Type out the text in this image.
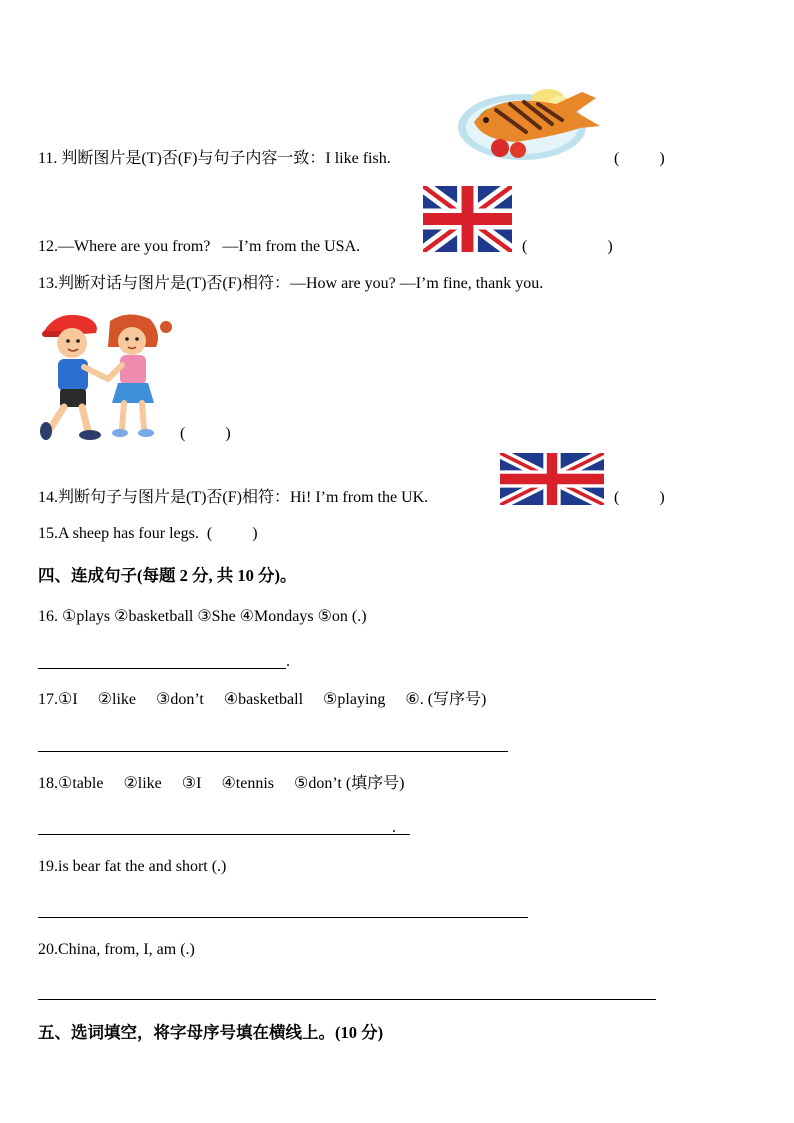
11. 判断图片是(T)否(F)与句子内容一致：I like fish.	(          )
12.—Where are you from?   —I’m from the USA.	(                    )
13.判断对话与图片是(T)否(F)相符：—How are you? —I’m fine, thank you.
(          )
14.判断句子与图片是(T)否(F)相符：Hi! I’m from the UK.	(          )
15.A sheep has four legs.  (          )
四、连成句子(每题 2 分, 共 10 分)。
16. ①plays ②basketball ③She ④Mondays ⑤on (.)
.
17.①I     ②like     ③don’t     ④basketball     ⑤playing     ⑥. (写序号)
18.①table     ②like     ③I     ④tennis     ⑤don’t (填序号)
.
19.is bear fat the and short (.)
20.China, from, I, am (.)
五、选词填空，将字母序号填在横线上。(10 分)
